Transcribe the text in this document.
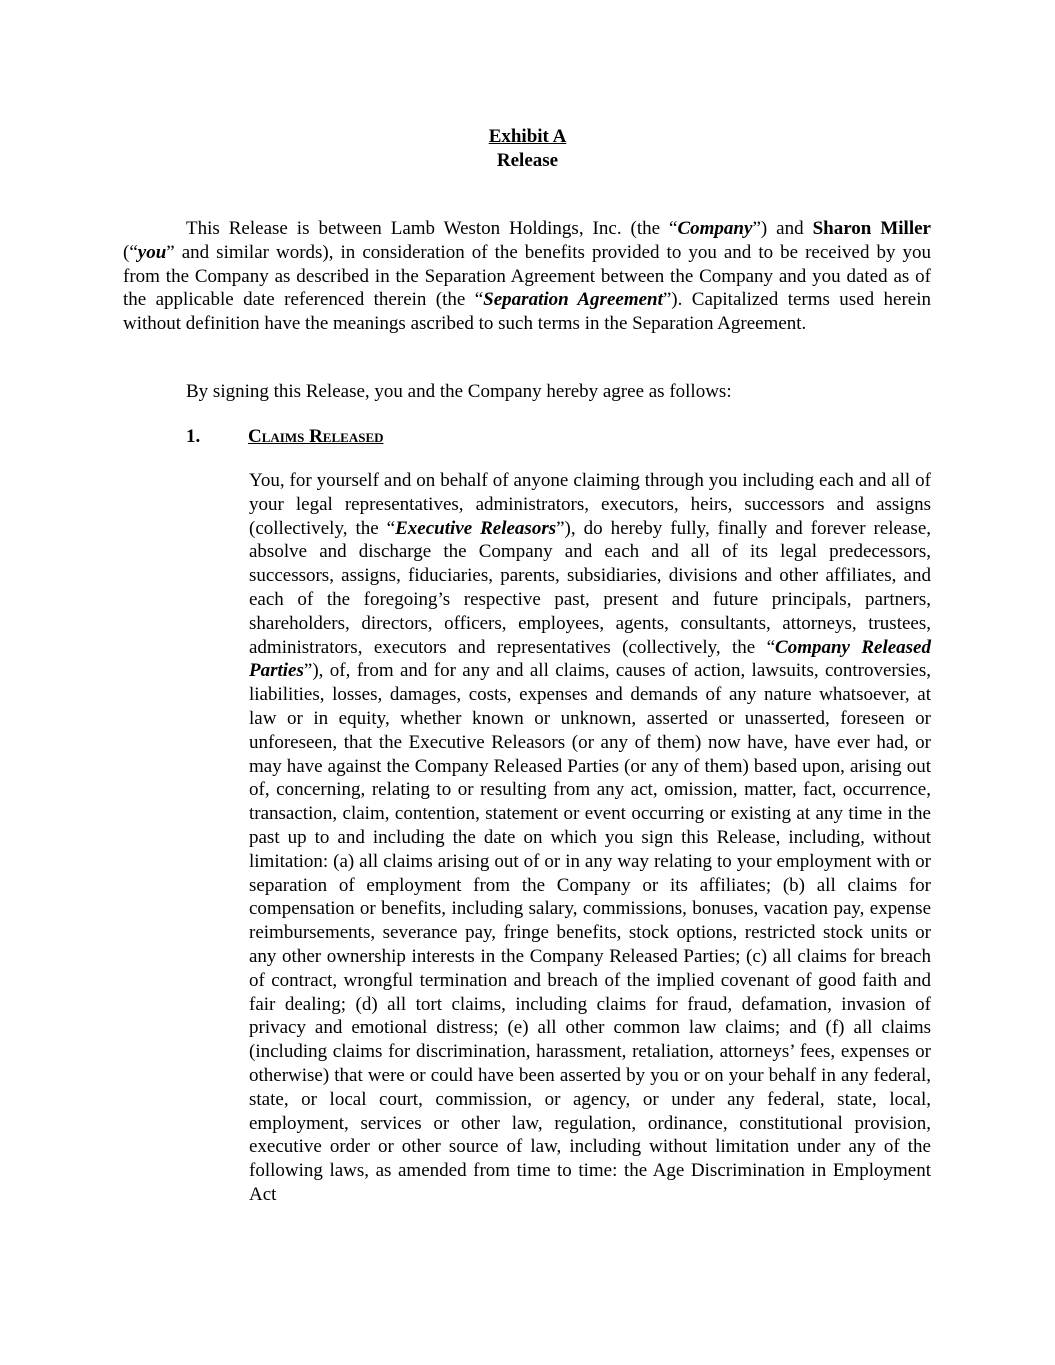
Exhibit A
Release

This Release is between Lamb Weston Holdings, Inc. (the “Company”) and Sharon Miller (“you” and similar words), in consideration of the benefits provided to you and to be received by you from the Company as described in the Separation Agreement between the Company and you dated as of the applicable date referenced therein (the “Separation Agreement”). Capitalized terms used herein without definition have the meanings ascribed to such terms in the Separation Agreement.

By signing this Release, you and the Company hereby agree as follows:

1.	Claims Released

You, for yourself and on behalf of anyone claiming through you including each and all of your legal representatives, administrators, executors, heirs, successors and assigns (collectively, the “Executive Releasors”), do hereby fully, finally and forever release, absolve and discharge the Company and each and all of its legal predecessors, successors, assigns, fiduciaries, parents, subsidiaries, divisions and other affiliates, and each of the foregoing’s respective past, present and future principals, partners, shareholders, directors, officers, employees, agents, consultants, attorneys, trustees, administrators, executors and representatives (collectively, the “Company Released Parties”), of, from and for any and all claims, causes of action, lawsuits, controversies, liabilities, losses, damages, costs, expenses and demands of any nature whatsoever, at law or in equity, whether known or unknown, asserted or unasserted, foreseen or unforeseen, that the Executive Releasors (or any of them) now have, have ever had, or may have against the Company Released Parties (or any of them) based upon, arising out of, concerning, relating to or resulting from any act, omission, matter, fact, occurrence, transaction, claim, contention, statement or event occurring or existing at any time in the past up to and including the date on which you sign this Release, including, without limitation: (a) all claims arising out of or in any way relating to your employment with or separation of employment from the Company or its affiliates; (b) all claims for compensation or benefits, including salary, commissions, bonuses, vacation pay, expense reimbursements, severance pay, fringe benefits, stock options, restricted stock units or any other ownership interests in the Company Released Parties; (c) all claims for breach of contract, wrongful termination and breach of the implied covenant of good faith and fair dealing; (d) all tort claims, including claims for fraud, defamation, invasion of privacy and emotional distress; (e) all other common law claims; and (f) all claims (including claims for discrimination, harassment, retaliation, attorneys’ fees, expenses or otherwise) that were or could have been asserted by you or on your behalf in any federal, state, or local court, commission, or agency, or under any federal, state, local, employment, services or other law, regulation, ordinance, constitutional provision, executive order or other source of law, including without limitation under any of the following laws, as amended from time to time: the Age Discrimination in Employment Act
